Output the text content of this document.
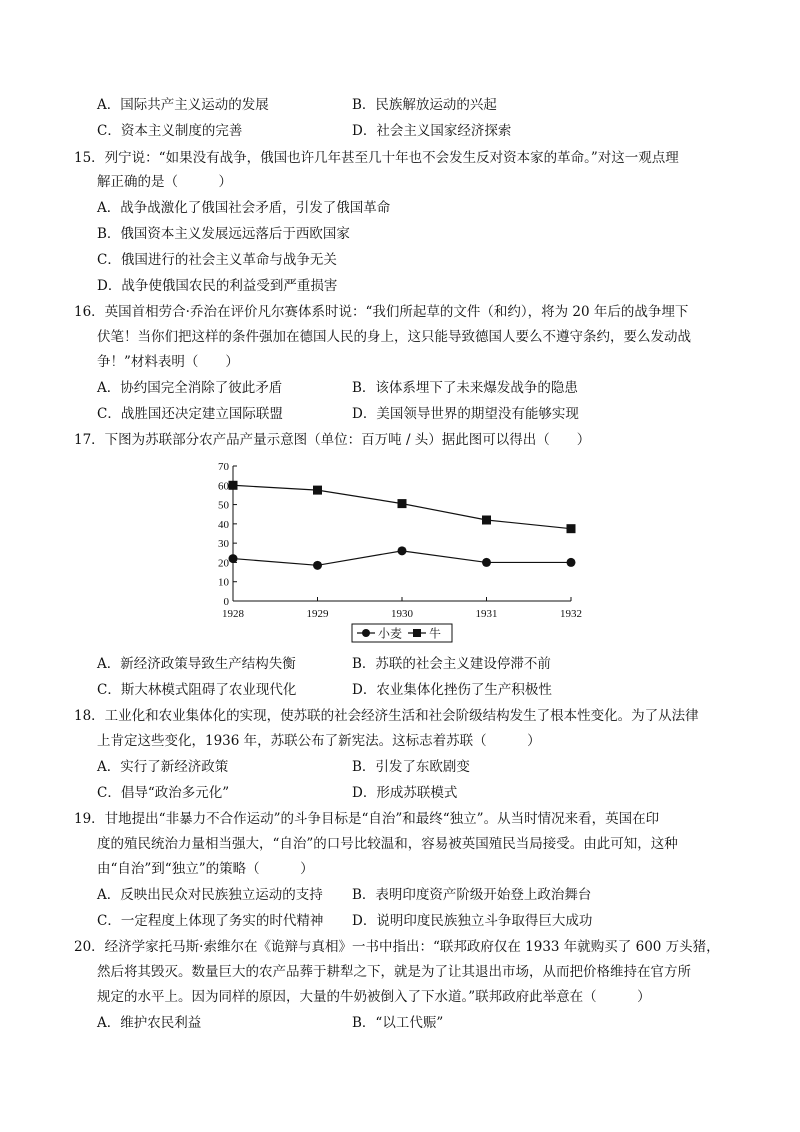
A．国际共产主义运动的发展	B．民族解放运动的兴起
C．资本主义制度的完善	D．社会主义国家经济探索
15．列宁说：“如果没有战争，俄国也许几年甚至几十年也不会发生反对资本家的革命。”对这一观点理
解正确的是（　　　）
A．战争战激化了俄国社会矛盾，引发了俄国革命
B．俄国资本主义发展远远落后于西欧国家
C．俄国进行的社会主义革命与战争无关
D．战争使俄国农民的利益受到严重损害
16．英国首相劳合·乔治在评价凡尔赛体系时说：“我们所起草的文件（和约），将为 20 年后的战争埋下
伏笔！当你们把这样的条件强加在德国人民的身上，这只能导致德国人要么不遵守条约，要么发动战
争！”材料表明（　　）
A．协约国完全消除了彼此矛盾	B．该体系埋下了未来爆发战争的隐患
C．战胜国还决定建立国际联盟	D．美国领导世界的期望没有能够实现
17．下图为苏联部分农产品产量示意图（单位：百万吨 / 头）据此图可以得出（　　）
0
10
20
30
40
50
60
70
1928	1929	1930	1931	1932
小麦 牛
A．新经济政策导致生产结构失衡	B．苏联的社会主义建设停滞不前
C．斯大林模式阻碍了农业现代化	D．农业集体化挫伤了生产积极性
18．工业化和农业集体化的实现，使苏联的社会经济生活和社会阶级结构发生了根本性变化。为了从法律
上肯定这些变化，1936 年，苏联公布了新宪法。这标志着苏联（　　　）
A．实行了新经济政策	B．引发了东欧剧变
C．倡导“政治多元化”	D．形成苏联模式
19．甘地提出“非暴力不合作运动”的斗争目标是“自治”和最终“独立”。从当时情况来看，英国在印
度的殖民统治力量相当强大，“自治”的口号比较温和，容易被英国殖民当局接受。由此可知，这种
由“自治”到“独立”的策略（　　　）
A．反映出民众对民族独立运动的支持 B．表明印度资产阶级开始登上政治舞台
C．一定程度上体现了务实的时代精神 D．说明印度民族独立斗争取得巨大成功
20．经济学家托马斯·索维尔在《诡辩与真相》一书中指出：“联邦政府仅在 1933 年就购买了 600 万头猪，
然后将其毁灭。数量巨大的农产品葬于耕犁之下，就是为了让其退出市场，从而把价格维持在官方所
规定的水平上。因为同样的原因，大量的牛奶被倒入了下水道。”联邦政府此举意在（　　　）
A．维护农民利益	B．“以工代赈”
